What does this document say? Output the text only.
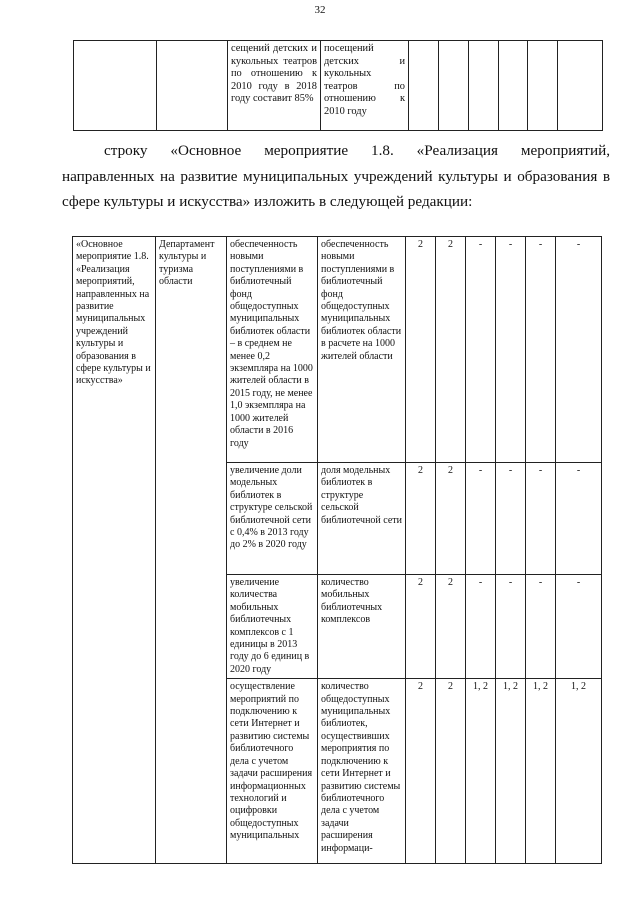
32
		сещений детских и кукольных театров по отношению к 2010 году в 2018 году составит 85%	посещений детских и кукольных театров по отношению к 2010 году						

строку «Основное мероприятие 1.8. «Реализация мероприятий, направленных на развитие муниципальных учреждений культуры и образования в сфере культуры и искусства» изложить в следующей редакции:

«Основное мероприятие 1.8. «Реализация мероприятий, направленных на развитие муниципальных учреждений культуры и образования в сфере культуры и искусства»	Департамент культуры и туризма области	обеспеченность новыми поступлениями в библиотечный фонд общедоступных муниципальных библиотек области – в среднем не менее 0,2 экземпляра на 1000 жителей области в 2015 году, не менее 1,0 экземпляра на 1000 жителей области в 2016 году	обеспеченность новыми поступлениями в библиотечный фонд общедоступных муниципальных библиотек области в расчете на 1000 жителей области	2	2	-	-	-	-
		увеличение доли модельных библиотек в структуре сельской библиотечной сети с 0,4% в 2013 году до 2% в 2020 году	доля модельных библиотек в структуре сельской библиотечной сети	2	2	-	-	-	-
		увеличение количества мобильных библиотечных комплексов с 1 единицы в 2013 году до 6 единиц в 2020 году	количество мобильных библиотечных комплексов	2	2	-	-	-	-
		осуществление мероприятий по подключению к сети Интернет и развитию системы библиотечного дела с учетом задачи расширения информационных технологий и оцифровки общедоступных муниципальных	количество общедоступных муниципальных библиотек, осуществивших мероприятия по подключению к сети Интернет и развитию системы библиотечного дела с учетом задачи расширения информаци-	2	2	1, 2	1, 2	1, 2	1, 2
